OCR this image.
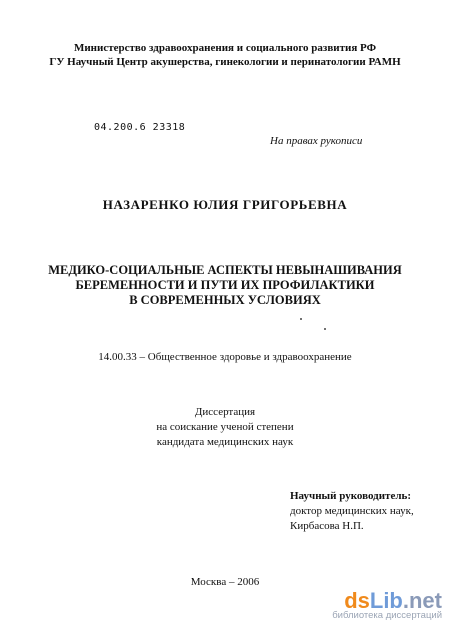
Министерство здравоохранения и социального развития РФ
ГУ Научный Центр акушерства, гинекологии и перинатологии РАМН
04.200.6 23318
На правах рукописи
НАЗАРЕНКО ЮЛИЯ ГРИГОРЬЕВНА
МЕДИКО-СОЦИАЛЬНЫЕ АСПЕКТЫ НЕВЫНАШИВАНИЯ
БЕРЕМЕННОСТИ И ПУТИ ИХ ПРОФИЛАКТИКИ
В СОВРЕМЕННЫХ УСЛОВИЯХ
14.00.33 – Общественное здоровье и здравоохранение
Диссертация
на соискание ученой степени
кандидата медицинских наук
Научный руководитель:
доктор медицинских наук,
Кирбасова Н.П.
Москва – 2006
dsLib.net
библиотека диссертаций
